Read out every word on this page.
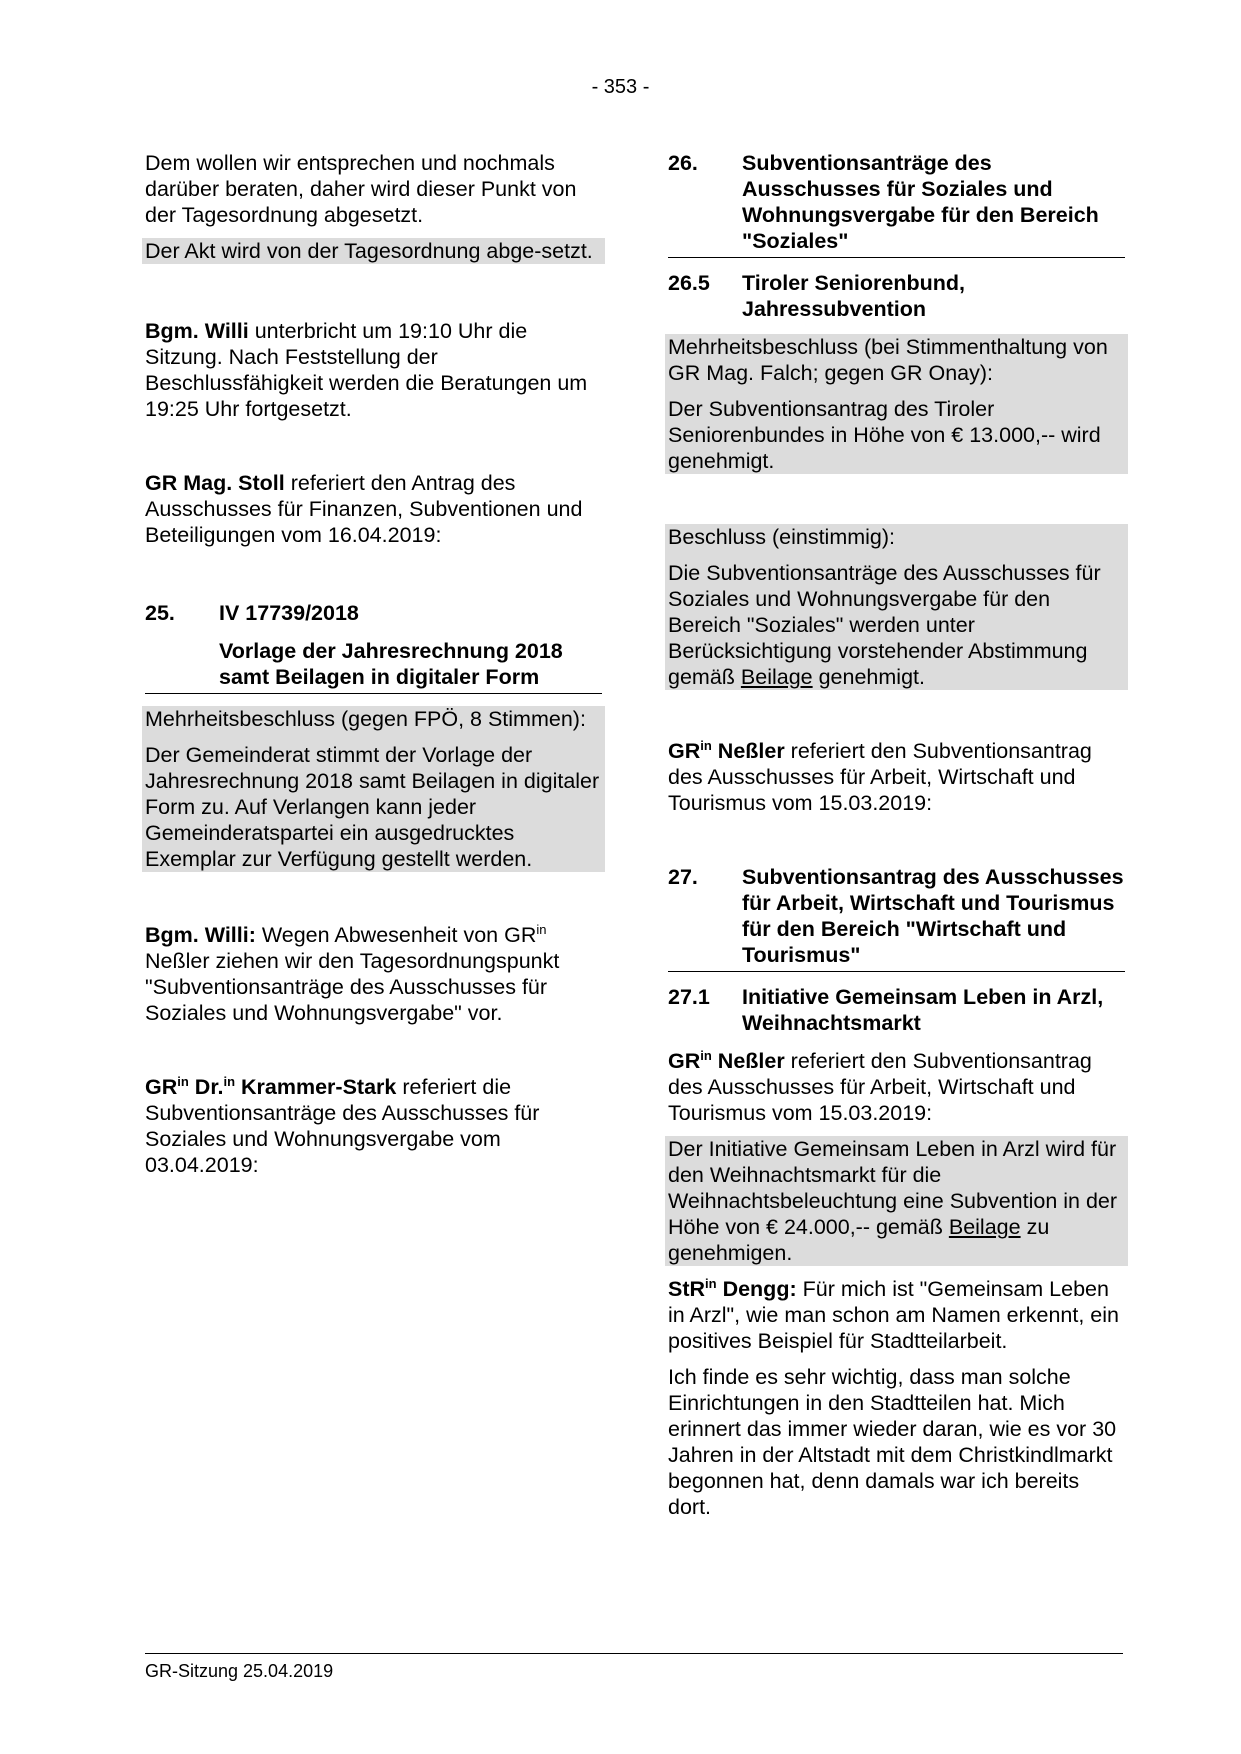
- 353 -

Dem wollen wir entsprechen und nochmals darüber beraten, daher wird dieser Punkt von der Tagesordnung abgesetzt.

Der Akt wird von der Tagesordnung abge-setzt.

Bgm. Willi unterbricht um 19:10 Uhr die Sitzung. Nach Feststellung der Beschlussfähigkeit werden die Beratungen um 19:25 Uhr fortgesetzt.

GR Mag. Stoll referiert den Antrag des Ausschusses für Finanzen, Subventionen und Beteiligungen vom 16.04.2019:

25.	IV 17739/2018
Vorlage der Jahresrechnung 2018 samt Beilagen in digitaler Form

Mehrheitsbeschluss (gegen FPÖ, 8 Stimmen):

Der Gemeinderat stimmt der Vorlage der Jahresrechnung 2018 samt Beilagen in digitaler Form zu. Auf Verlangen kann jeder Gemeinderatspartei ein ausgedrucktes Exemplar zur Verfügung gestellt werden.

Bgm. Willi: Wegen Abwesenheit von $GR^{in}$ Neßler ziehen wir den Tagesordnungspunkt "Subventionsanträge des Ausschusses für Soziales und Wohnungsvergabe" vor.

$GR^{in}$ Dr.$^{in}$ Krammer-Stark referiert die Subventionsanträge des Ausschusses für Soziales und Wohnungsvergabe vom 03.04.2019:

26.	Subventionsanträge des Ausschusses für Soziales und Wohnungsvergabe für den Bereich "Soziales"
26.5	Tiroler Seniorenbund, Jahressubvention

Mehrheitsbeschluss (bei Stimmenthaltung von GR Mag. Falch; gegen GR Onay):

Der Subventionsantrag des Tiroler Seniorenbundes in Höhe von € 13.000,-- wird genehmigt.

Beschluss (einstimmig):

Die Subventionsanträge des Ausschusses für Soziales und Wohnungsvergabe für den Bereich "Soziales" werden unter Berücksichtigung vorstehender Abstimmung gemäß Beilage genehmigt.

$GR^{in}$ Neßler referiert den Subventionsantrag des Ausschusses für Arbeit, Wirtschaft und Tourismus vom 15.03.2019:

27.	Subventionsantrag des Ausschusses für Arbeit, Wirtschaft und Tourismus für den Bereich "Wirtschaft und Tourismus"
27.1	Initiative Gemeinsam Leben in Arzl, Weihnachtsmarkt

$GR^{in}$ Neßler referiert den Subventionsantrag des Ausschusses für Arbeit, Wirtschaft und Tourismus vom 15.03.2019:

Der Initiative Gemeinsam Leben in Arzl wird für den Weihnachtsmarkt für die Weihnachtsbeleuchtung eine Subvention in der Höhe von € 24.000,-- gemäß Beilage zu genehmigen.

StR$^{in}$ Dengg: Für mich ist "Gemeinsam Leben in Arzl", wie man schon am Namen erkennt, ein positives Beispiel für Stadtteilarbeit.

Ich finde es sehr wichtig, dass man solche Einrichtungen in den Stadtteilen hat. Mich erinnert das immer wieder daran, wie es vor 30 Jahren in der Altstadt mit dem Christkindlmarkt begonnen hat, denn damals war ich bereits dort.

GR-Sitzung 25.04.2019
